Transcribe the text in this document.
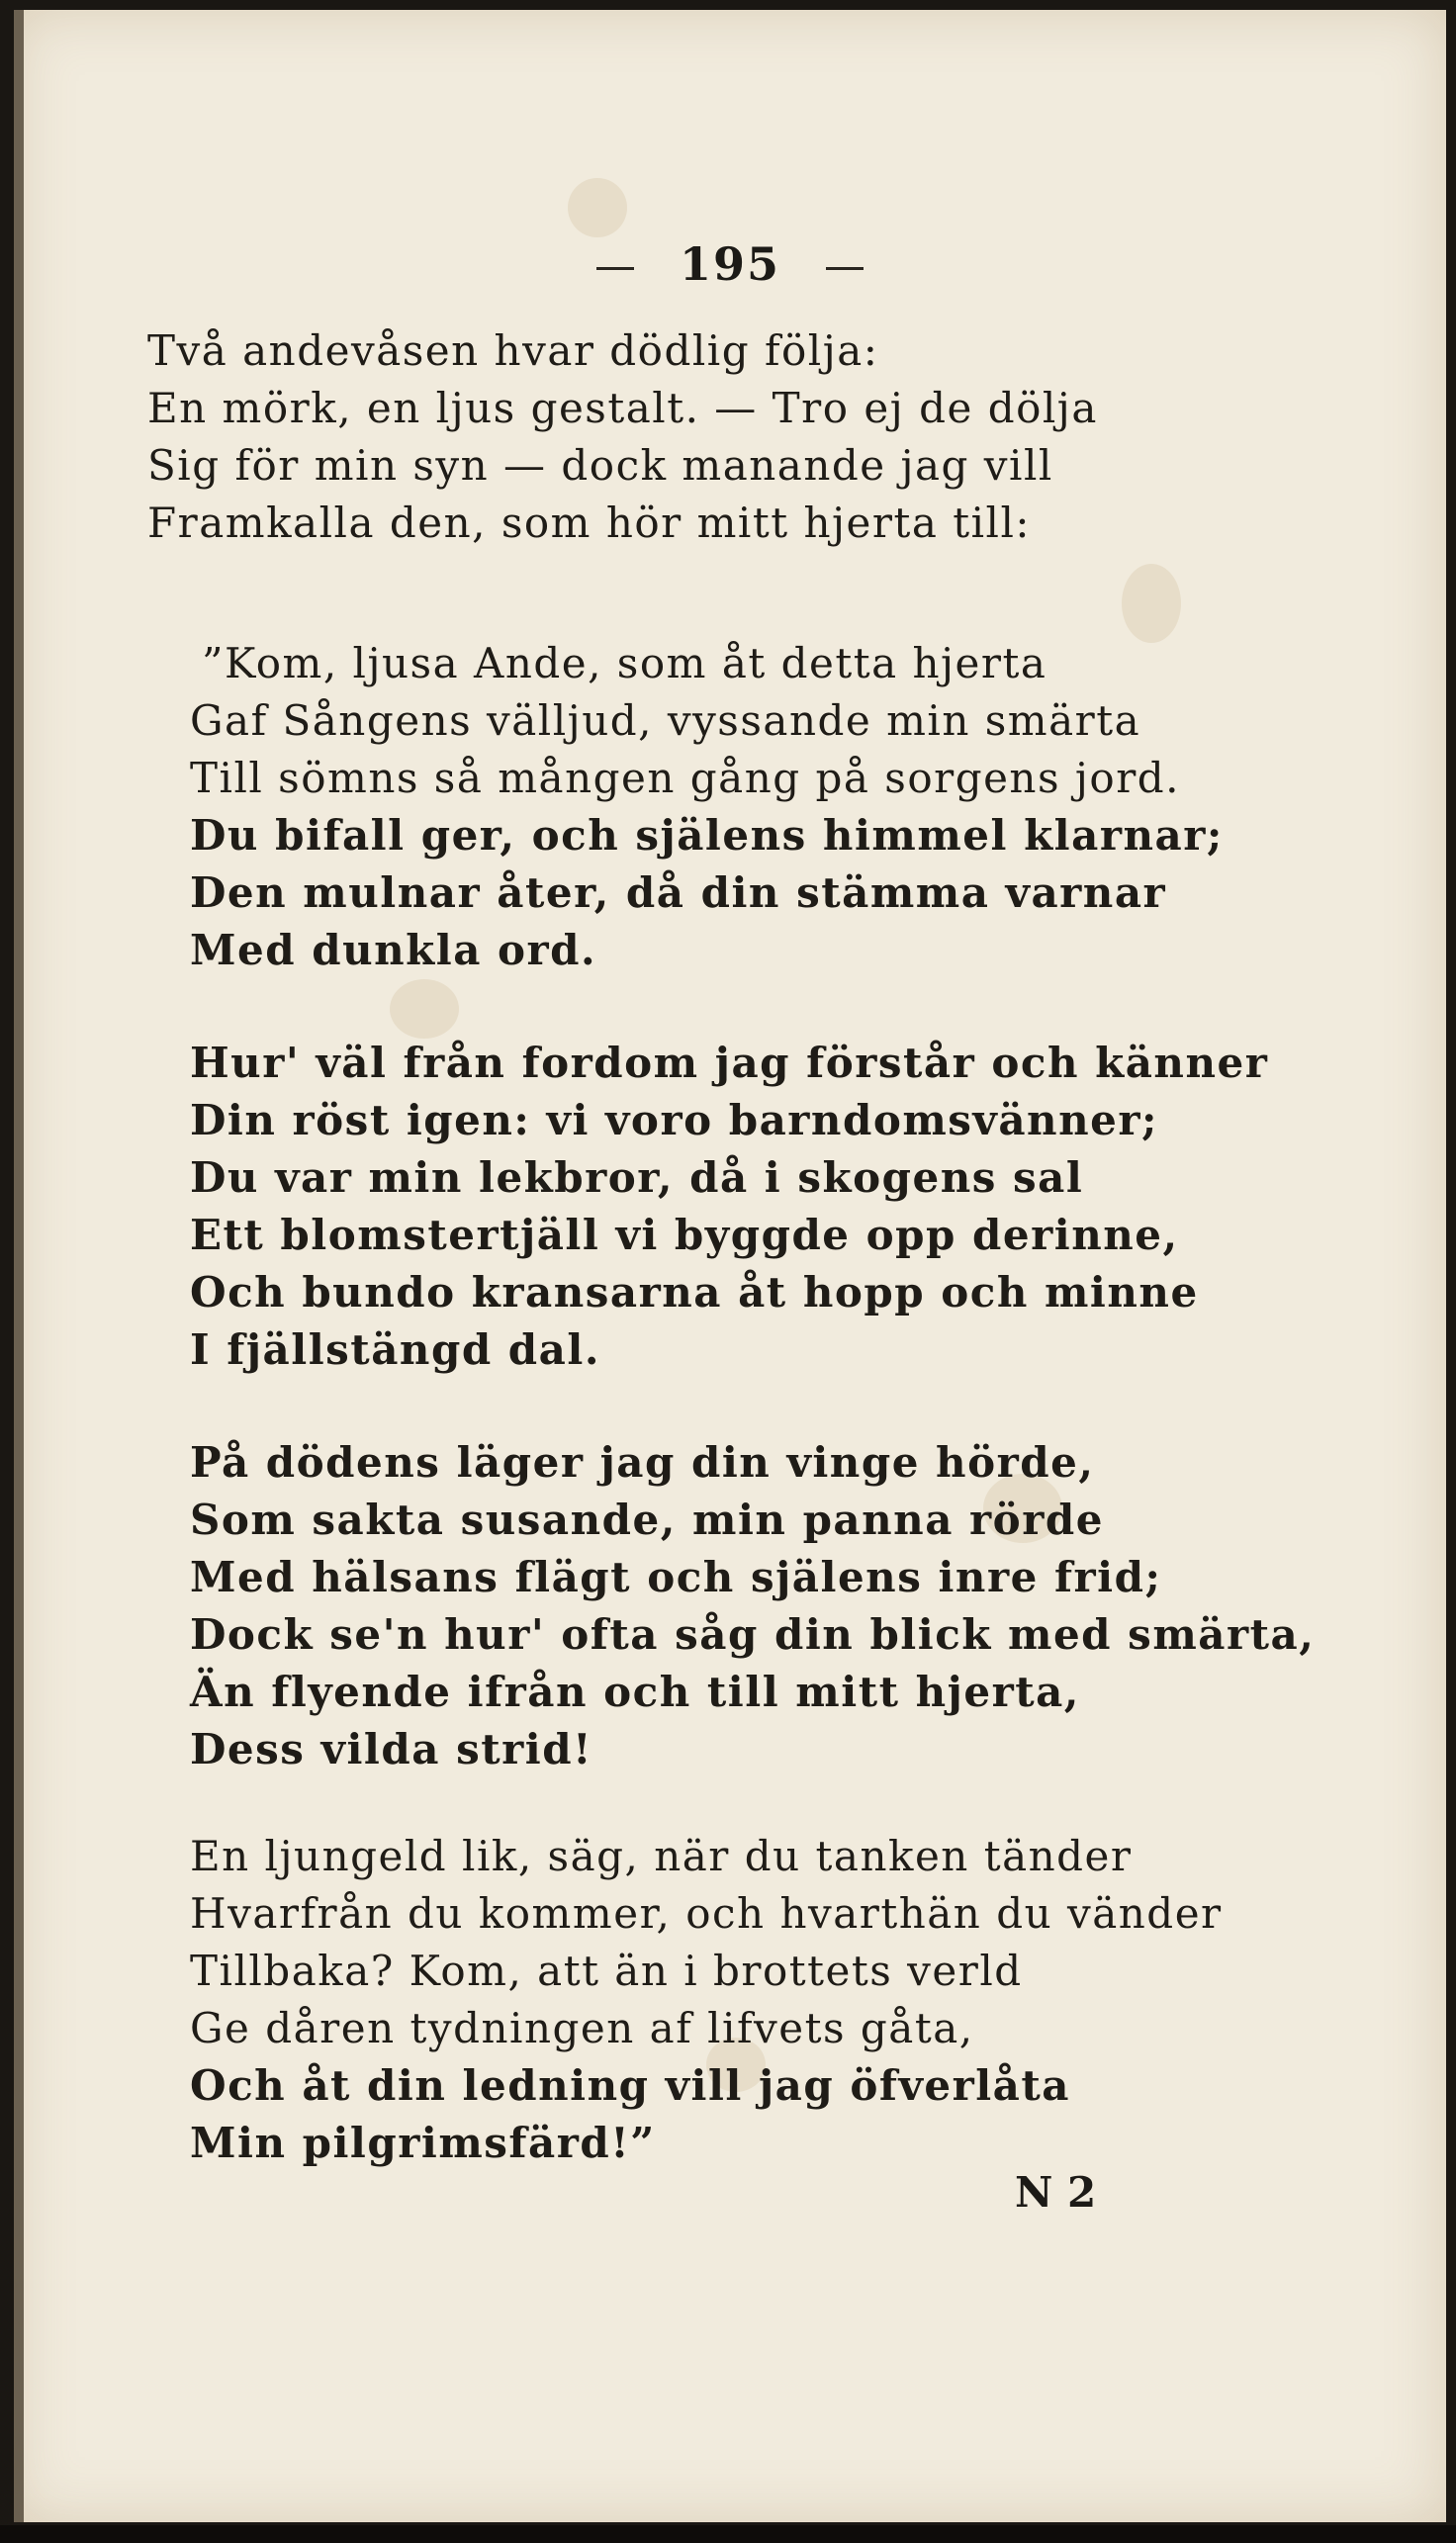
195
Två andevåsen hvar dödlig följa:
En mörk, en ljus gestalt. — Tro ej de dölja
Sig för min syn — dock manande jag vill
Framkalla den, som hör mitt hjerta till:
”Kom, ljusa Ande, som åt detta hjerta
Gaf Sångens välljud, vyssande min smärta
Till sömns så mången gång på sorgens jord.
Du bifall ger, och själens himmel klarnar;
Den mulnar åter, då din stämma varnar
Med dunkla ord.
Hur' väl från fordom jag förstår och känner
Din röst igen: vi voro barndomsvänner;
Du var min lekbror, då i skogens sal
Ett blomstertjäll vi byggde opp derinne,
Och bundo kransarna åt hopp och minne
I fjällstängd dal.
På dödens läger jag din vinge hörde,
Som sakta susande, min panna rörde
Med hälsans flägt och själens inre frid;
Dock se'n hur' ofta såg din blick med smärta,
Än flyende ifrån och till mitt hjerta,
Dess vilda strid!
En ljungeld lik, säg, när du tanken tänder
Hvarfrån du kommer, och hvarthän du vänder
Tillbaka? Kom, att än i brottets verld
Ge dåren tydningen af lifvets gåta,
Och åt din ledning vill jag öfverlåta
Min pilgrimsfärd!”
N 2
